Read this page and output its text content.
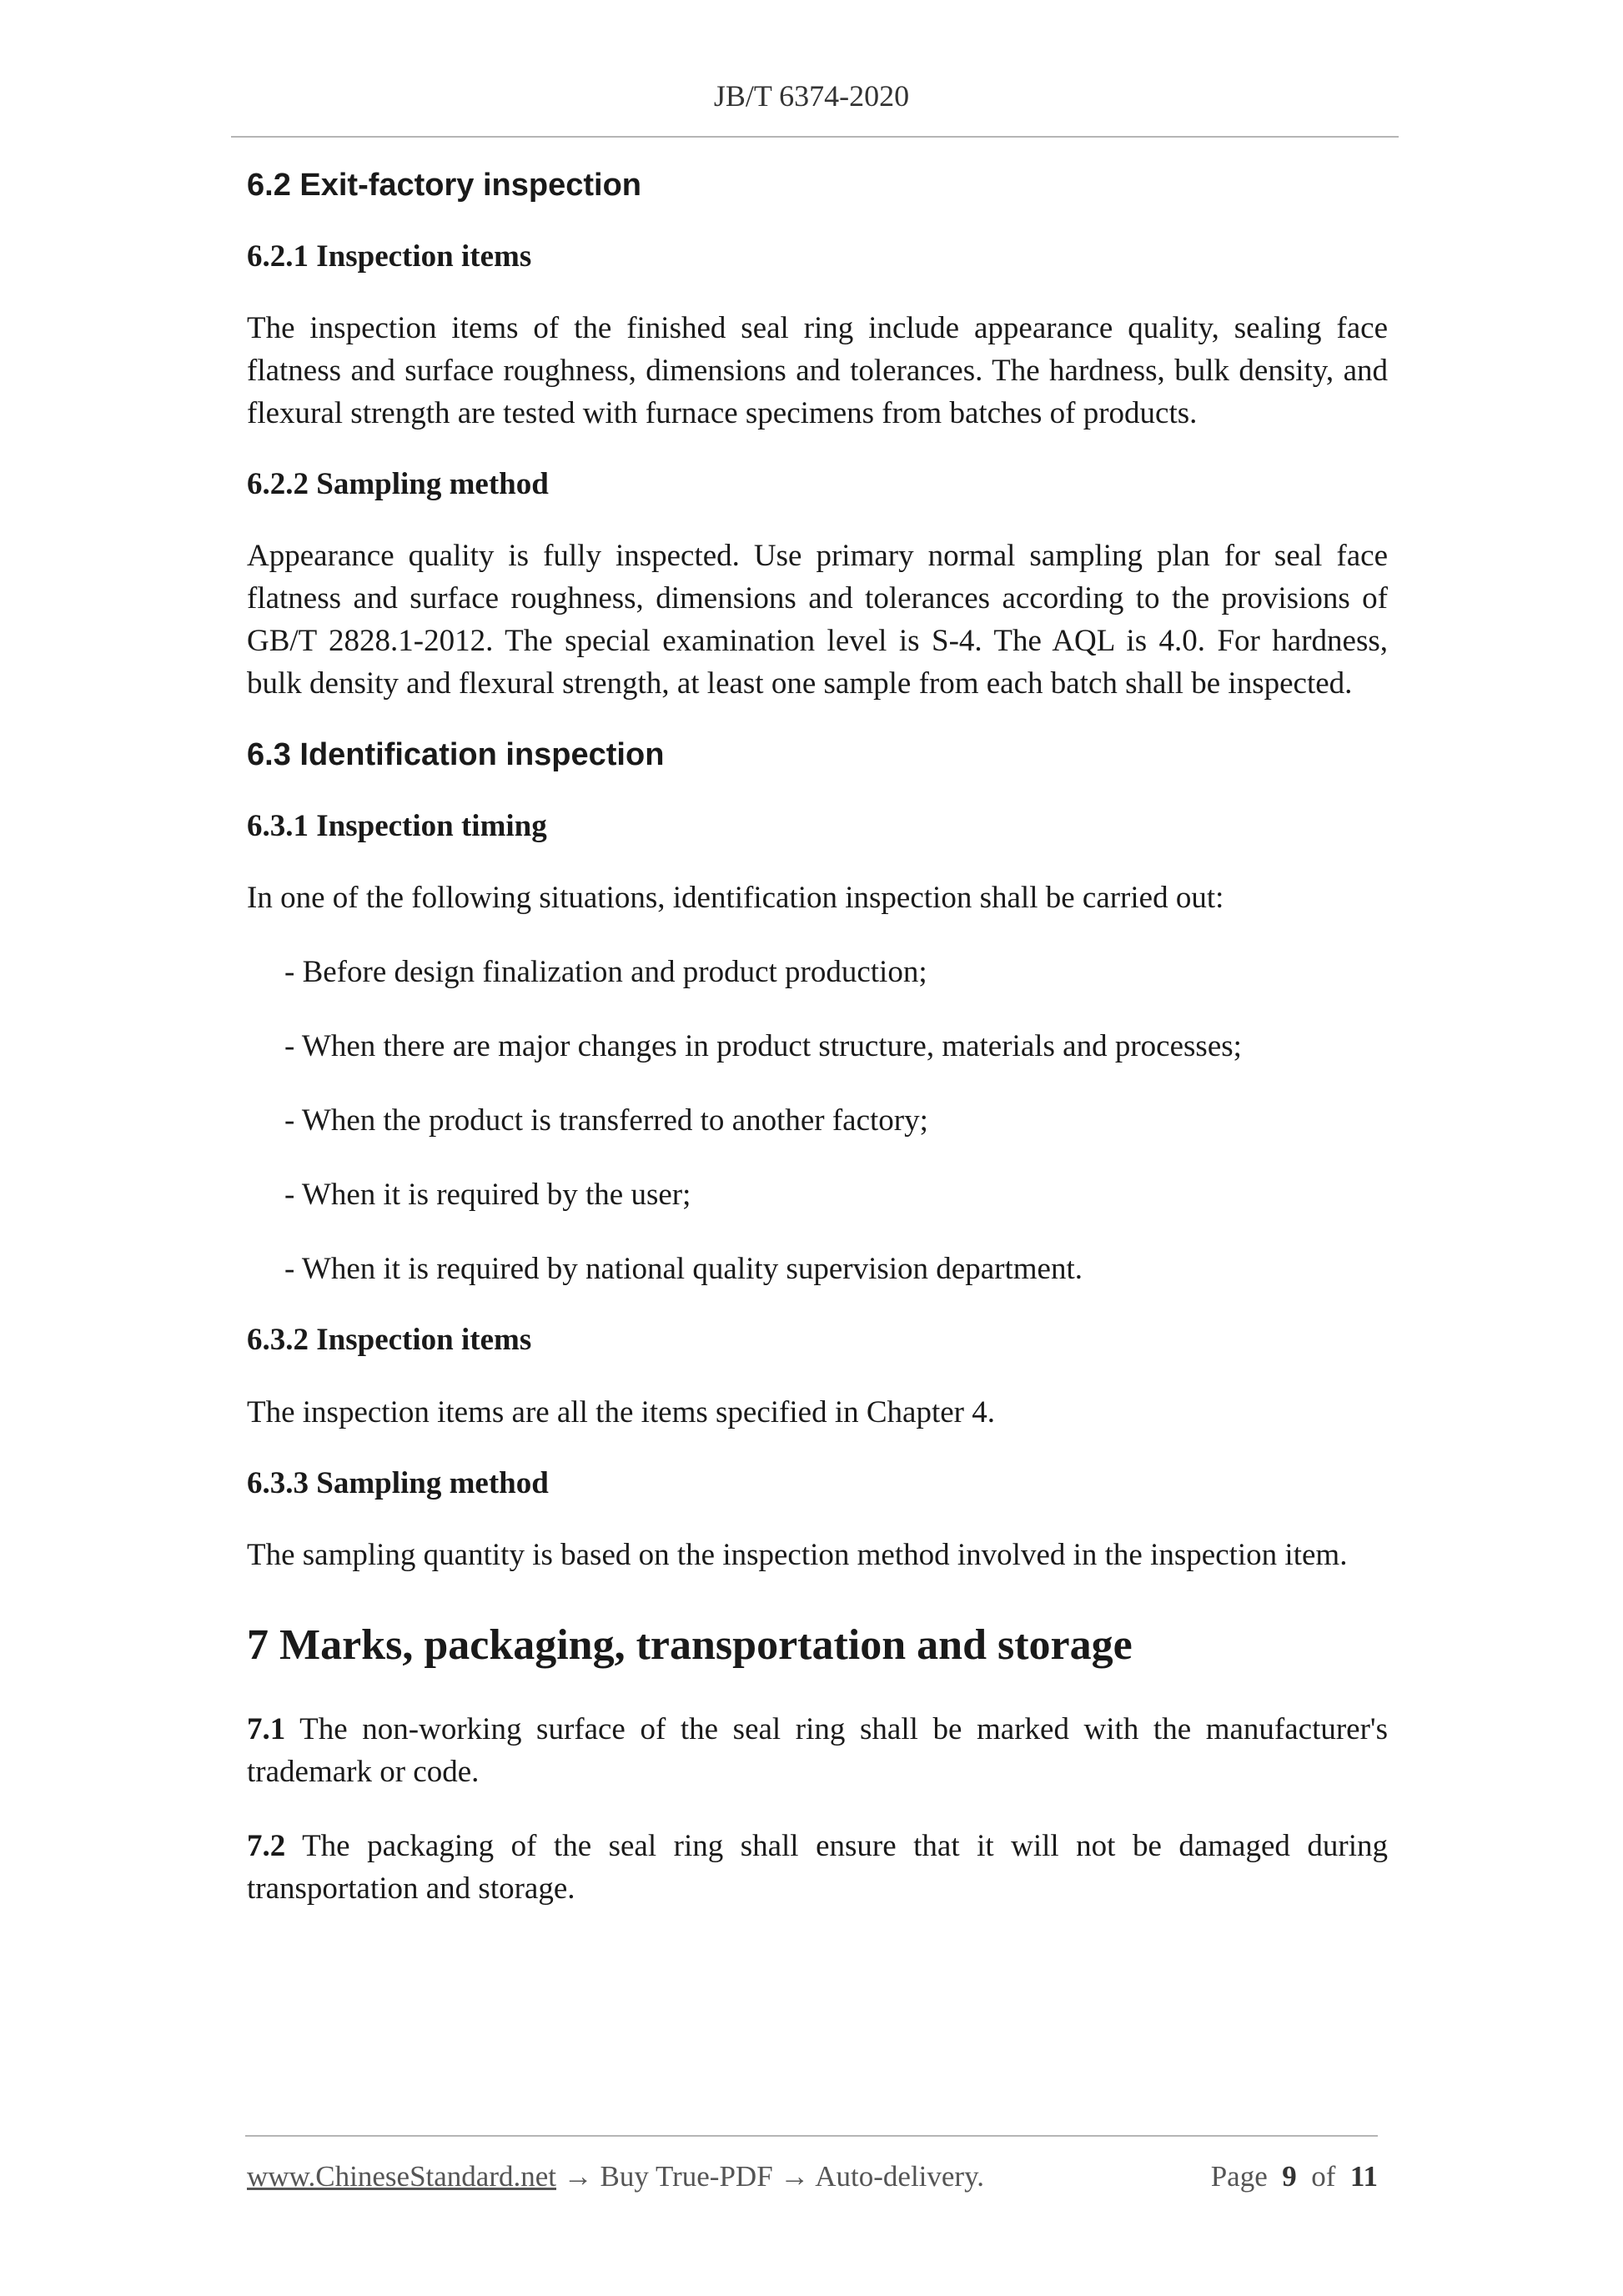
JB/T 6374-2020
6.2 Exit-factory inspection
6.2.1 Inspection items

The inspection items of the finished seal ring include appearance quality, sealing face flatness and surface roughness, dimensions and tolerances. The hardness, bulk density, and flexural strength are tested with furnace specimens from batches of products.

6.2.2 Sampling method

Appearance quality is fully inspected. Use primary normal sampling plan for seal face flatness and surface roughness, dimensions and tolerances according to the provisions of GB/T 2828.1-2012. The special examination level is S-4. The AQL is 4.0. For hardness, bulk density and flexural strength, at least one sample from each batch shall be inspected.

6.3 Identification inspection
6.3.1 Inspection timing

In one of the following situations, identification inspection shall be carried out:

- Before design finalization and product production;

- When there are major changes in product structure, materials and processes;

- When the product is transferred to another factory;

- When it is required by the user;

- When it is required by national quality supervision department.

6.3.2 Inspection items

The inspection items are all the items specified in Chapter 4.

6.3.3 Sampling method

The sampling quantity is based on the inspection method involved in the inspection item.

7 Marks, packaging, transportation and storage

7.1 The non-working surface of the seal ring shall be marked with the manufacturer's trademark or code.

7.2 The packaging of the seal ring shall ensure that it will not be damaged during transportation and storage.

www.ChineseStandard.net → Buy True-PDF → Auto-delivery.	Page 9 of 11
